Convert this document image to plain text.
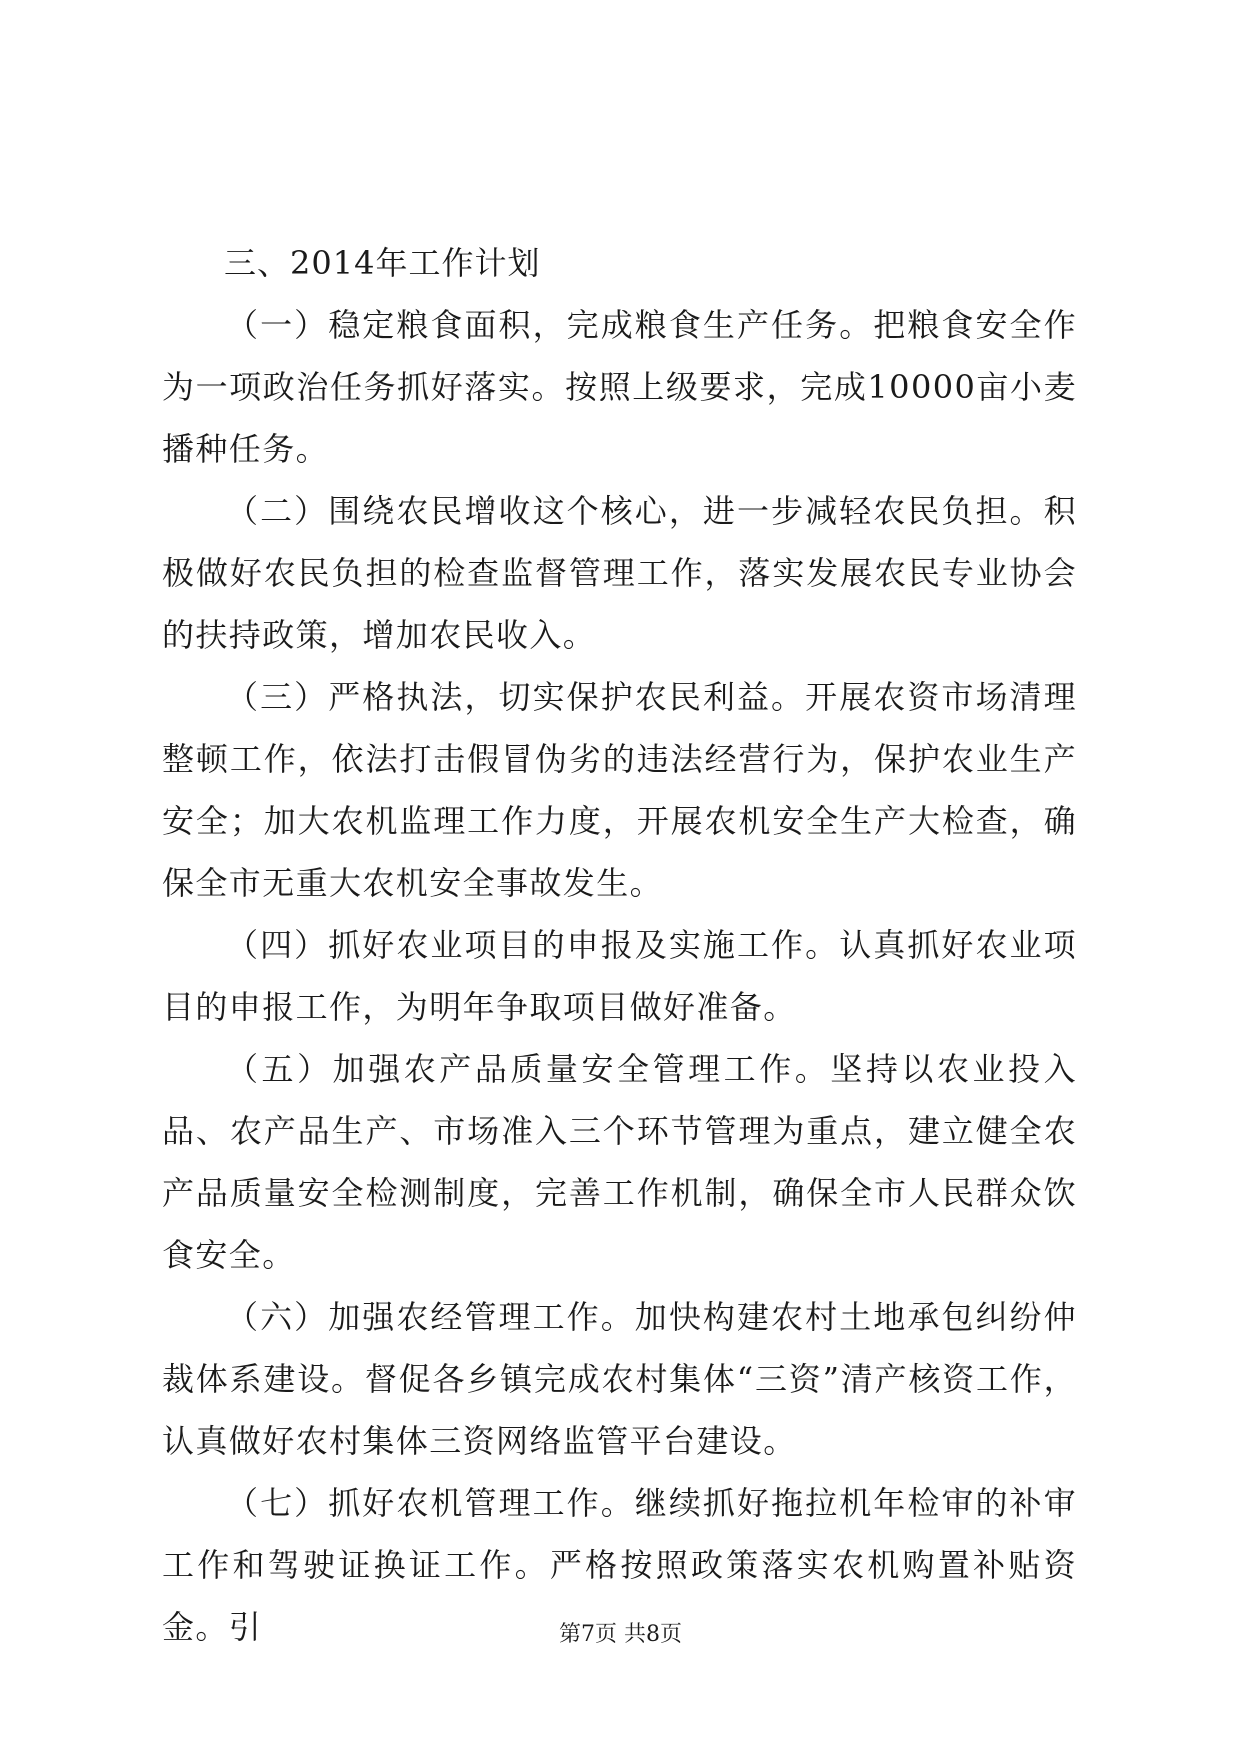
三、2014年工作计划

（一）稳定粮食面积，完成粮食生产任务。把粮食安全作为一项政治任务抓好落实。按照上级要求，完成10000亩小麦播种任务。

（二）围绕农民增收这个核心，进一步减轻农民负担。积极做好农民负担的检查监督管理工作，落实发展农民专业协会的扶持政策，增加农民收入。

（三）严格执法，切实保护农民利益。开展农资市场清理整顿工作，依法打击假冒伪劣的违法经营行为，保护农业生产安全；加大农机监理工作力度，开展农机安全生产大检查，确保全市无重大农机安全事故发生。

（四）抓好农业项目的申报及实施工作。认真抓好农业项目的申报工作，为明年争取项目做好准备。

（五）加强农产品质量安全管理工作。坚持以农业投入品、农产品生产、市场准入三个环节管理为重点，建立健全农产品质量安全检测制度，完善工作机制，确保全市人民群众饮食安全。

（六）加强农经管理工作。加快构建农村土地承包纠纷仲裁体系建设。督促各乡镇完成农村集体“三资”清产核资工作，认真做好农村集体三资网络监管平台建设。

（七）抓好农机管理工作。继续抓好拖拉机年检审的补审工作和驾驶证换证工作。严格按照政策落实农机购置补贴资金。引	第7页 共8页
